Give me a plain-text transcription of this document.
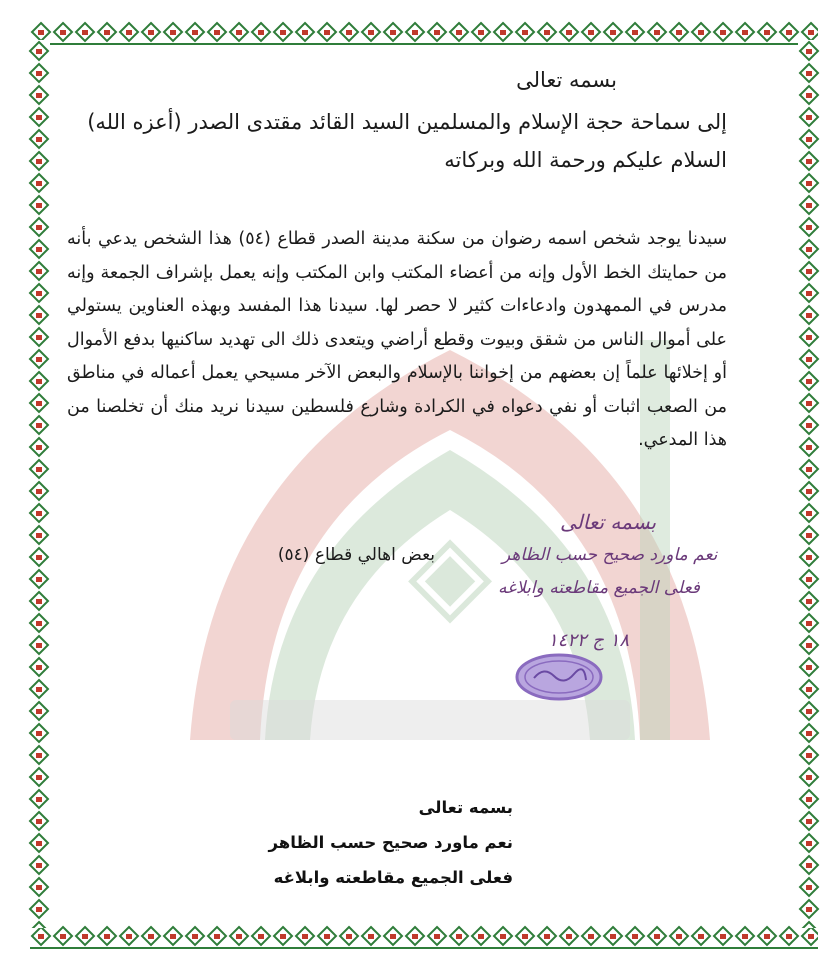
◈
بسمه تعالى
إلى سماحة حجة الإسلام والمسلمين السيد القائد مقتدى الصدر (أعزه الله)
السلام عليكم ورحمة الله وبركاته
سيدنا يوجد شخص اسمه رضوان من سكنة مدينة الصدر قطاع (٥٤) هذا الشخص يدعي بأنه من حمايتك الخط الأول وإنه من أعضاء المكتب وابن المكتب وإنه يعمل بإشراف الجمعة وإنه مدرس في الممهدون وادعاءات كثير لا حصر لها. سيدنا هذا المفسد وبهذه العناوين يستولي على أموال الناس من شقق وبيوت وقطع أراضي ويتعدى ذلك الى تهديد ساكنيها بدفع الأموال أو إخلائها علماً إن بعضهم من إخواننا بالإسلام والبعض الآخر مسيحي يعمل أعماله في مناطق من الصعب اثبات أو نفي دعواه في الكرادة وشارع فلسطين سيدنا نريد منك أن تخلصنا من هذا المدعي.
بعض اهالي قطاع (٥٤)
بسمه تعالى
نعم ماورد صحيح حسب الظاهر
فعلى الجميع مقاطعته وابلاغه
١٨ ج ١٤٢٢
بسمه تعالى
نعم ماورد صحيح حسب الظاهر
فعلى الجميع مقاطعته وابلاغه
